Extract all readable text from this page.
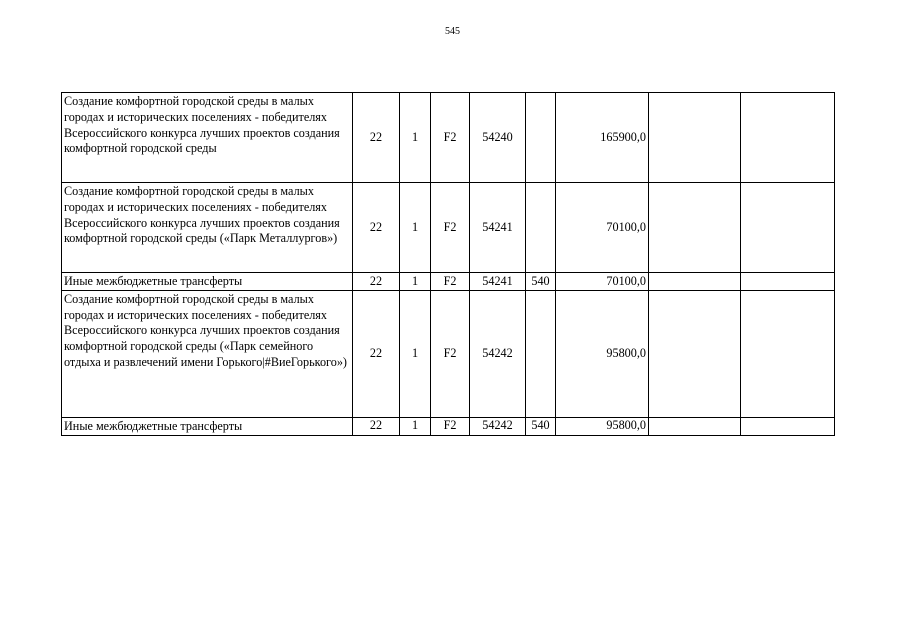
545
Создание комфортной городской среды в малых городах и исторических поселениях - победителях Всероссийского конкурса лучших проектов создания комфортной городской среды	22	1	F2	54240		165900,0		
Создание комфортной городской среды в малых городах и исторических поселениях - победителях Всероссийского конкурса лучших проектов создания комфортной городской среды («Парк Металлургов»)	22	1	F2	54241		70100,0		
Иные межбюджетные трансферты	22	1	F2	54241	540	70100,0		
Создание комфортной городской среды в малых городах и исторических поселениях - победителях Всероссийского конкурса лучших проектов создания комфортной городской среды («Парк семейного отдыха и развлечений имени Горького|#ВиеГорького»)	22	1	F2	54242		95800,0		
Иные межбюджетные трансферты	22	1	F2	54242	540	95800,0		
